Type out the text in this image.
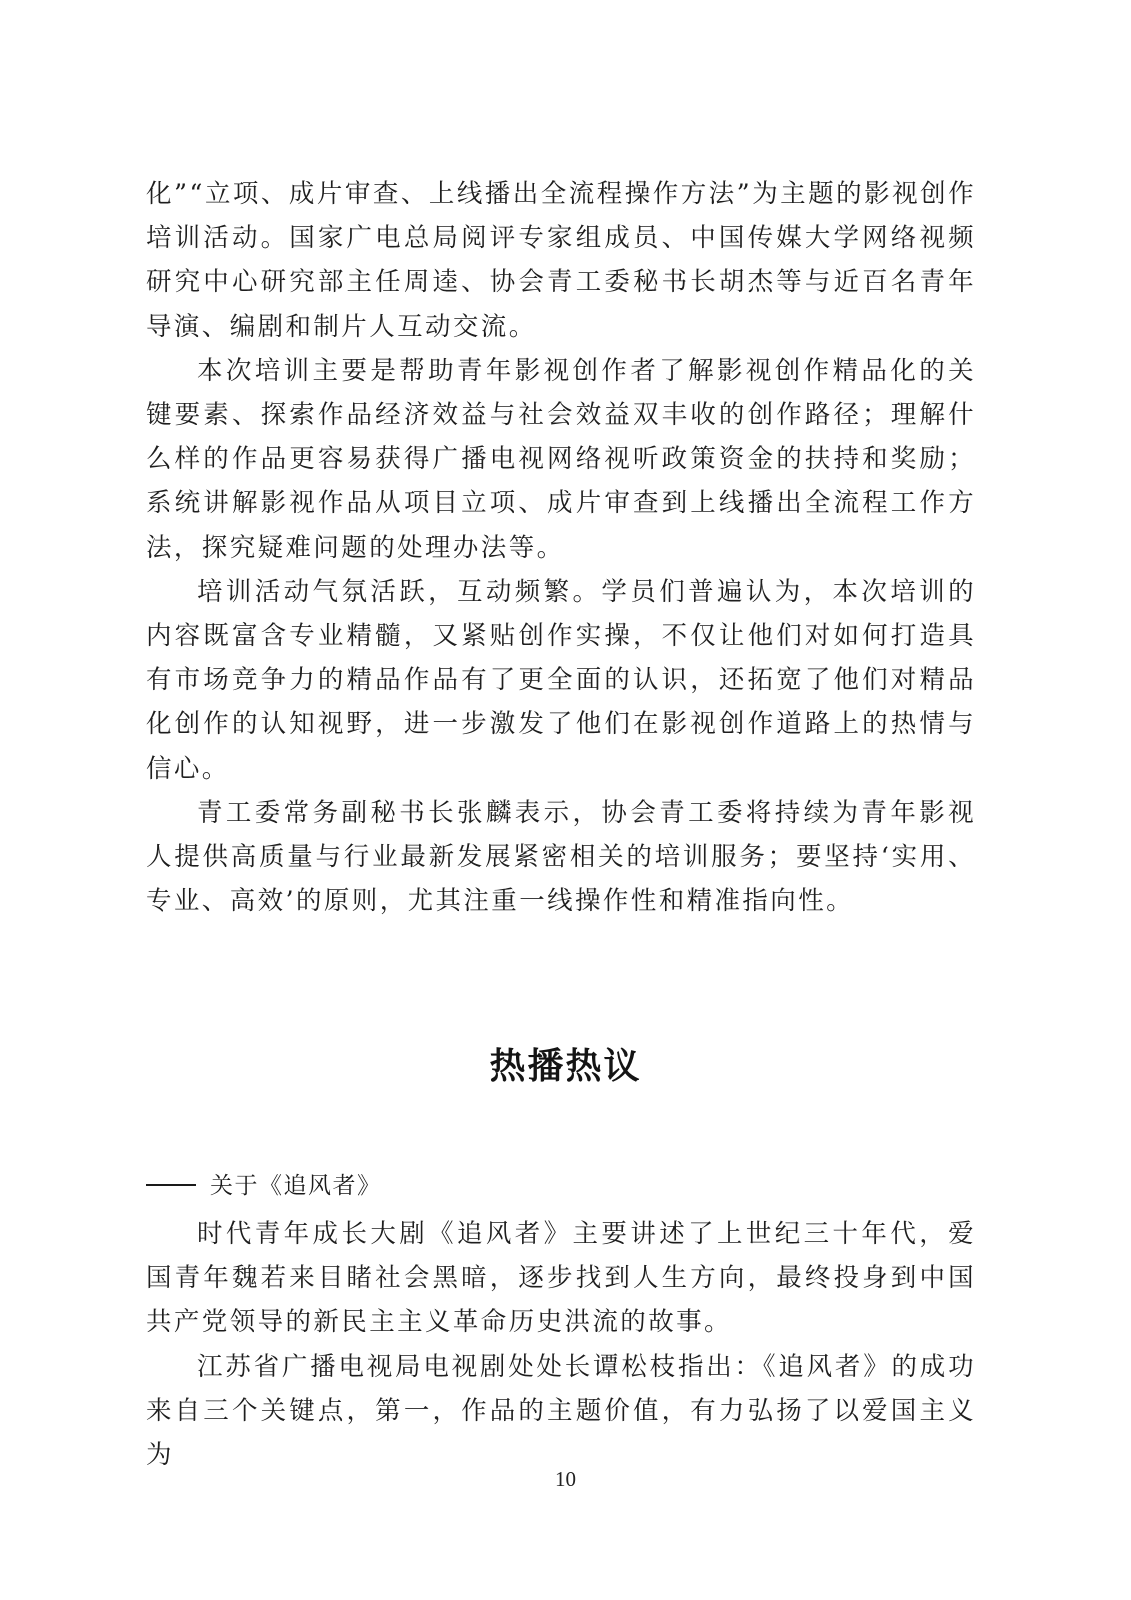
化”“立项、成片审查、上线播出全流程操作方法”为主题的影视创作培训活动。国家广电总局阅评专家组成员、中国传媒大学网络视频研究中心研究部主任周逵、协会青工委秘书长胡杰等与近百名青年导演、编剧和制片人互动交流。

本次培训主要是帮助青年影视创作者了解影视创作精品化的关键要素、探索作品经济效益与社会效益双丰收的创作路径；理解什么样的作品更容易获得广播电视网络视听政策资金的扶持和奖励；系统讲解影视作品从项目立项、成片审查到上线播出全流程工作方法，探究疑难问题的处理办法等。

培训活动气氛活跃，互动频繁。学员们普遍认为，本次培训的内容既富含专业精髓，又紧贴创作实操，不仅让他们对如何打造具有市场竞争力的精品作品有了更全面的认识，还拓宽了他们对精品化创作的认知视野，进一步激发了他们在影视创作道路上的热情与信心。

青工委常务副秘书长张麟表示，协会青工委将持续为青年影视人提供高质量与行业最新发展紧密相关的培训服务；要坚持‘实用、专业、高效’的原则，尤其注重一线操作性和精准指向性。

热播热议
关于《追风者》

时代青年成长大剧《追风者》主要讲述了上世纪三十年代，爱国青年魏若来目睹社会黑暗，逐步找到人生方向，最终投身到中国共产党领导的新民主主义革命历史洪流的故事。

江苏省广播电视局电视剧处处长谭松枝指出：《追风者》的成功来自三个关键点，第一，作品的主题价值，有力弘扬了以爱国主义为

10
